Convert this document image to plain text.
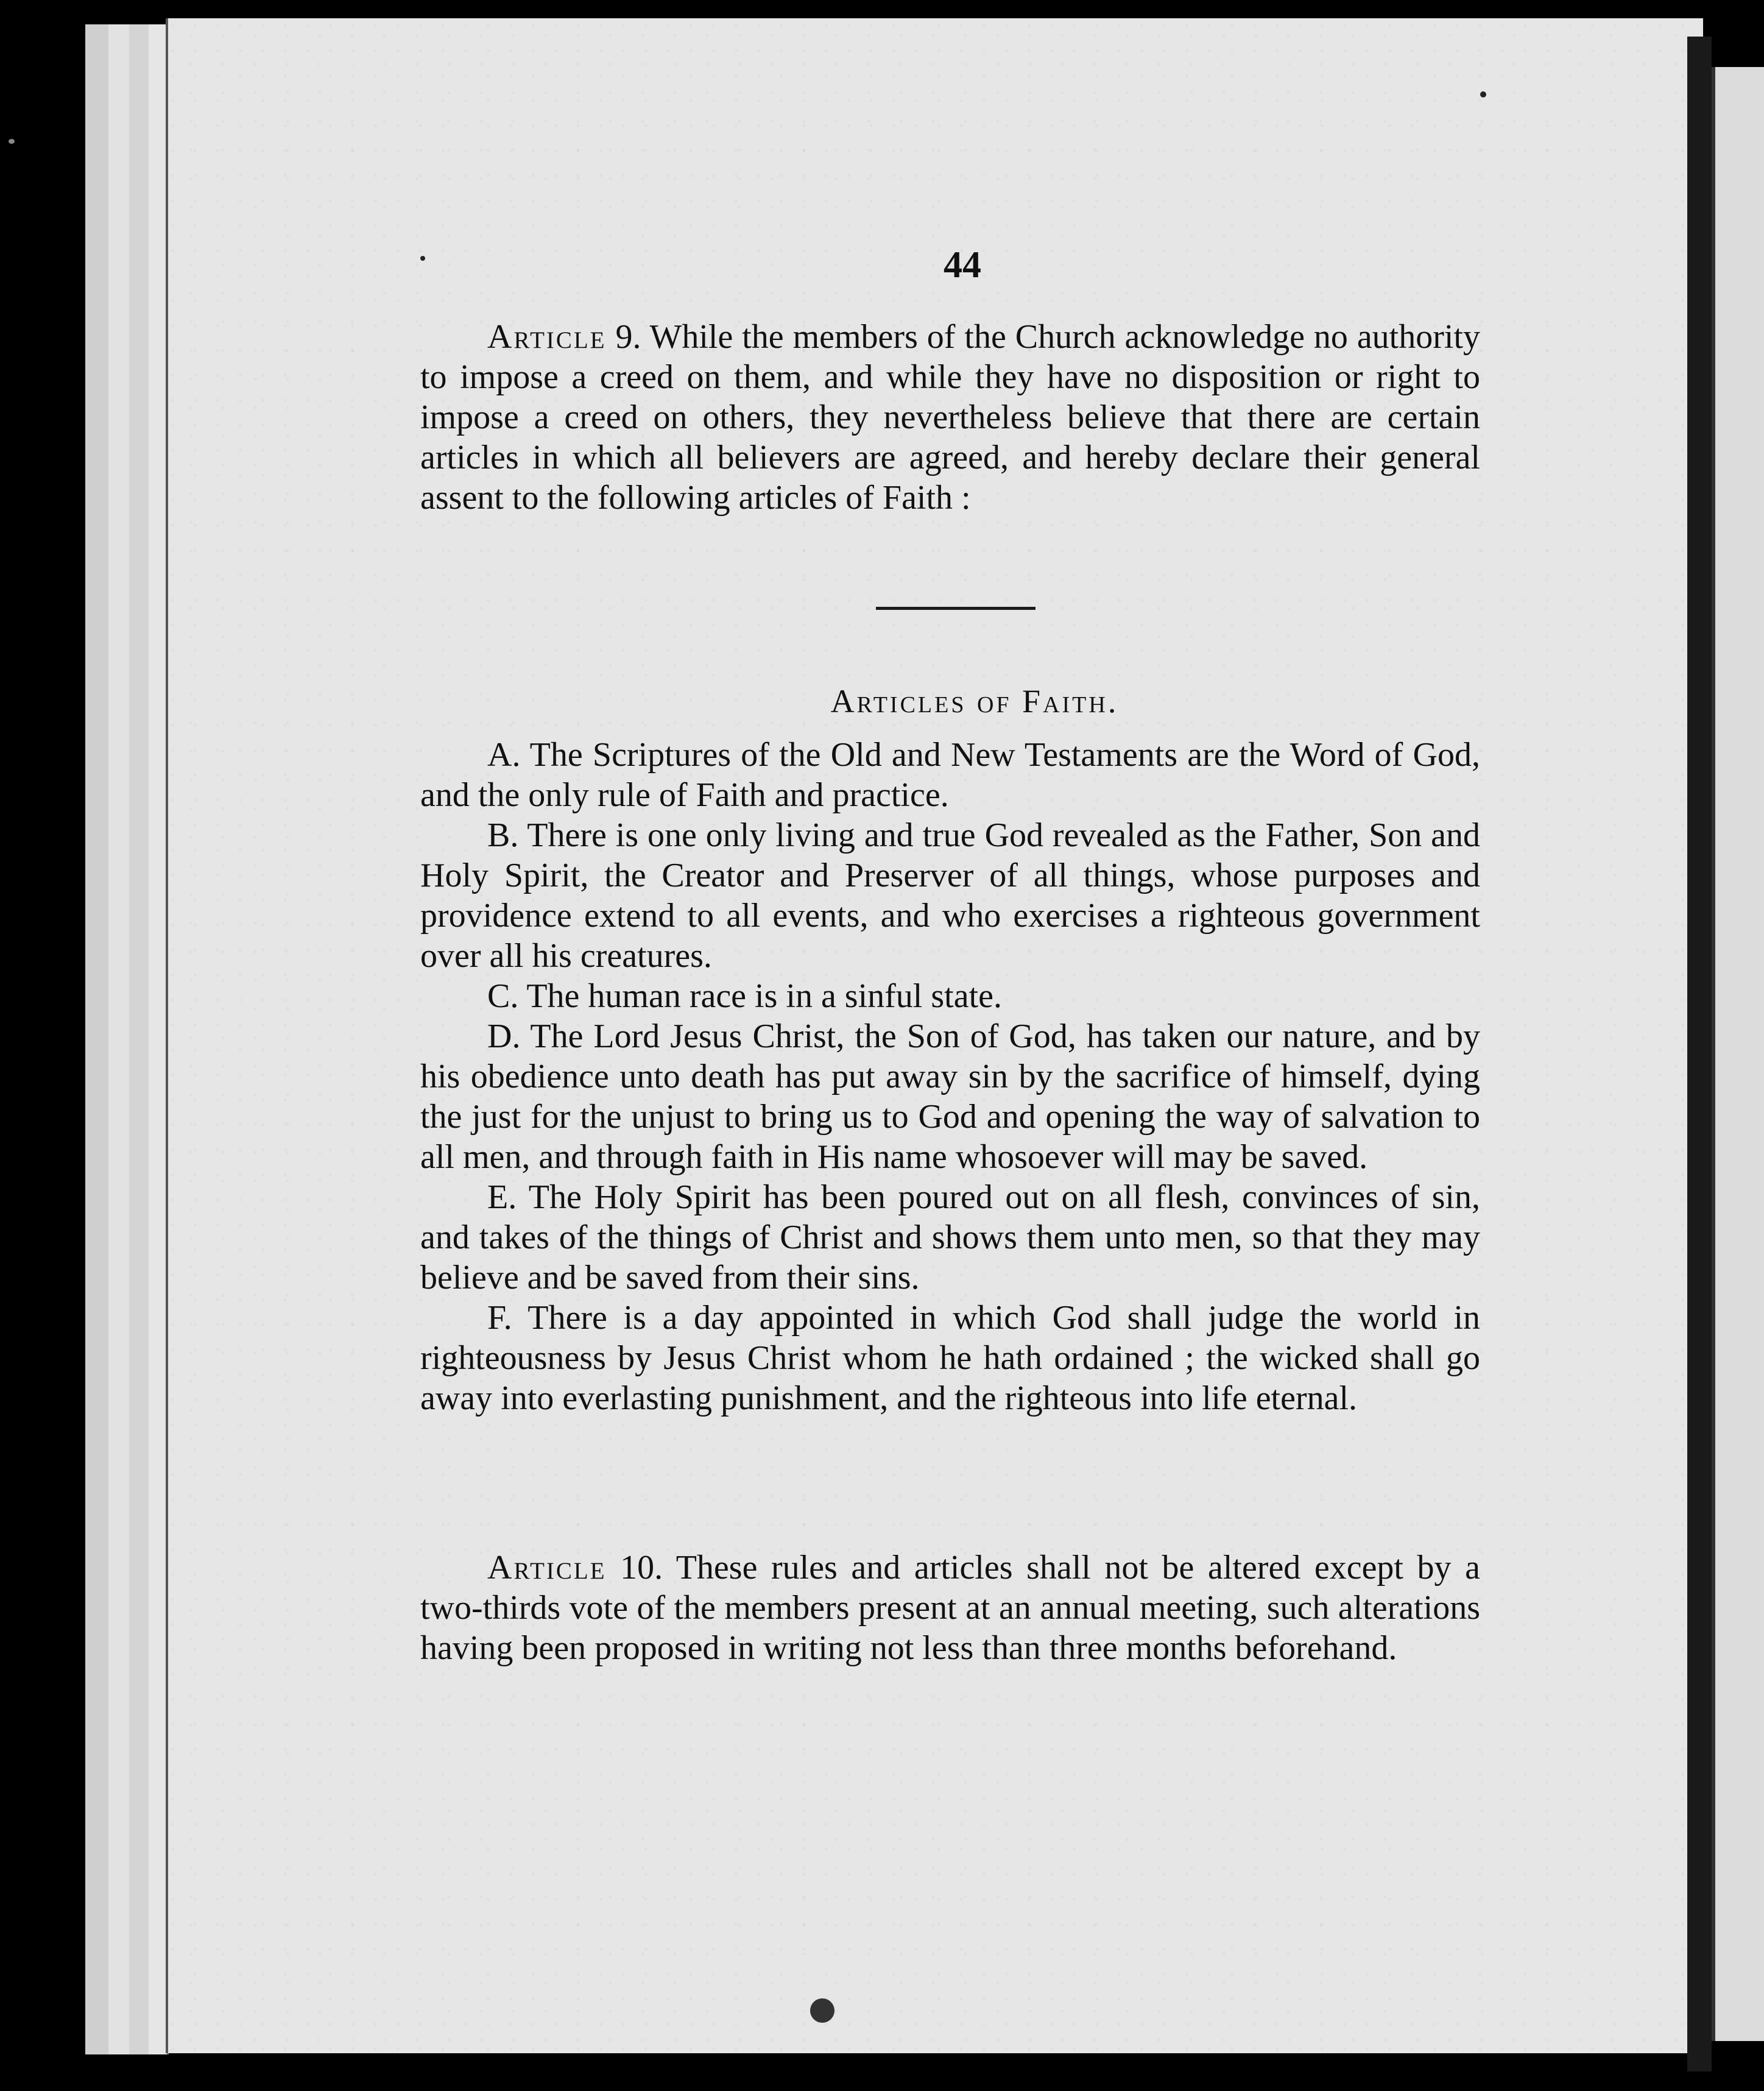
44

Article 9. While the members of the Church acknowledge no authority to impose a creed on them, and while they have no disposition or right to impose a creed on others, they nevertheless believe that there are certain articles in which all believers are agreed, and hereby declare their general assent to the following articles of Faith :

Articles of Faith.

A. The Scriptures of the Old and New Testaments are the Word of God, and the only rule of Faith and practice.

B. There is one only living and true God revealed as the Father, Son and Holy Spirit, the Creator and Preserver of all things, whose purposes and providence extend to all events, and who exercises a righteous government over all his creatures.

C. The human race is in a sinful state.

D. The Lord Jesus Christ, the Son of God, has taken our nature, and by his obedience unto death has put away sin by the sacrifice of himself, dying the just for the unjust to bring us to God and opening the way of salvation to all men, and through faith in His name whosoever will may be saved.

E. The Holy Spirit has been poured out on all flesh, convinces of sin, and takes of the things of Christ and shows them unto men, so that they may believe and be saved from their sins.

F. There is a day appointed in which God shall judge the world in righteousness by Jesus Christ whom he hath ordained ; the wicked shall go away into everlasting punishment, and the righteous into life eternal.

Article 10. These rules and articles shall not be altered except by a two-thirds vote of the members present at an annual meeting, such alterations having been proposed in writing not less than three months beforehand.
